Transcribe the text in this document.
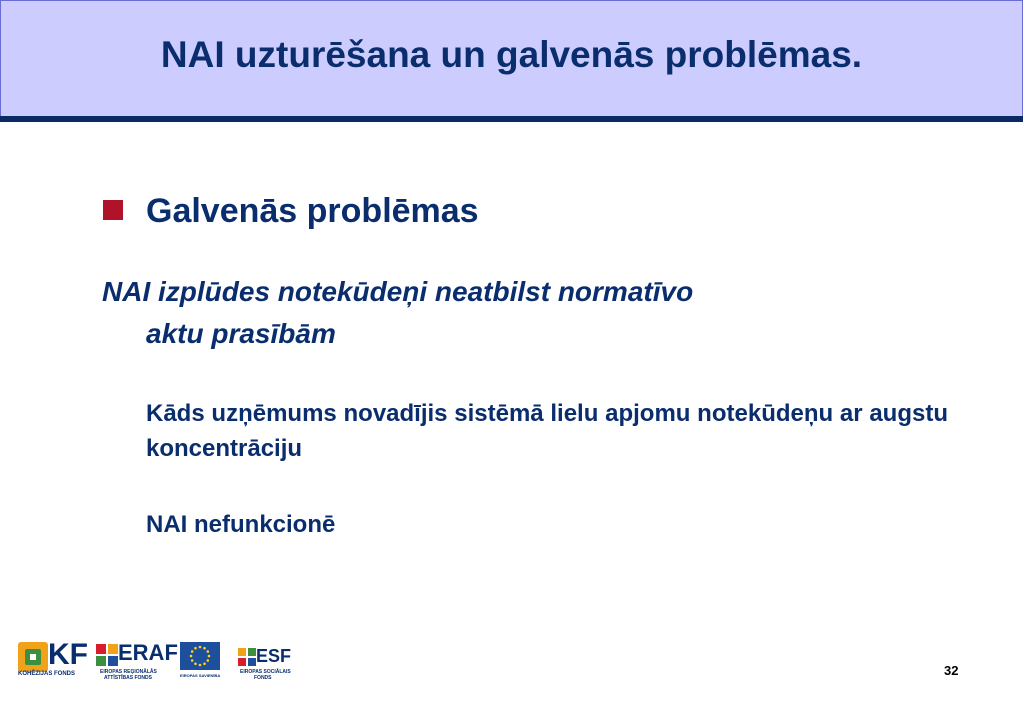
NAI uzturēšana un galvenās problēmas.
Galvenās problēmas

NAI izplūdes notekūdeņi neatbilst normatīvo
aktu prasībām

Kāds uzņēmums novadījis sistēmā lielu apjomu notekūdeņu ar augstu koncentrāciju

NAI nefunkcionē

KF
KOHĒZIJAS FONDS
ERAF
EIROPAS REĢIONĀLĀS
ATTĪSTĪBAS FONDS	EIROPAS SAVIENĪBA
ESF
EIROPAS SOCIĀLAIS
FONDS	32
